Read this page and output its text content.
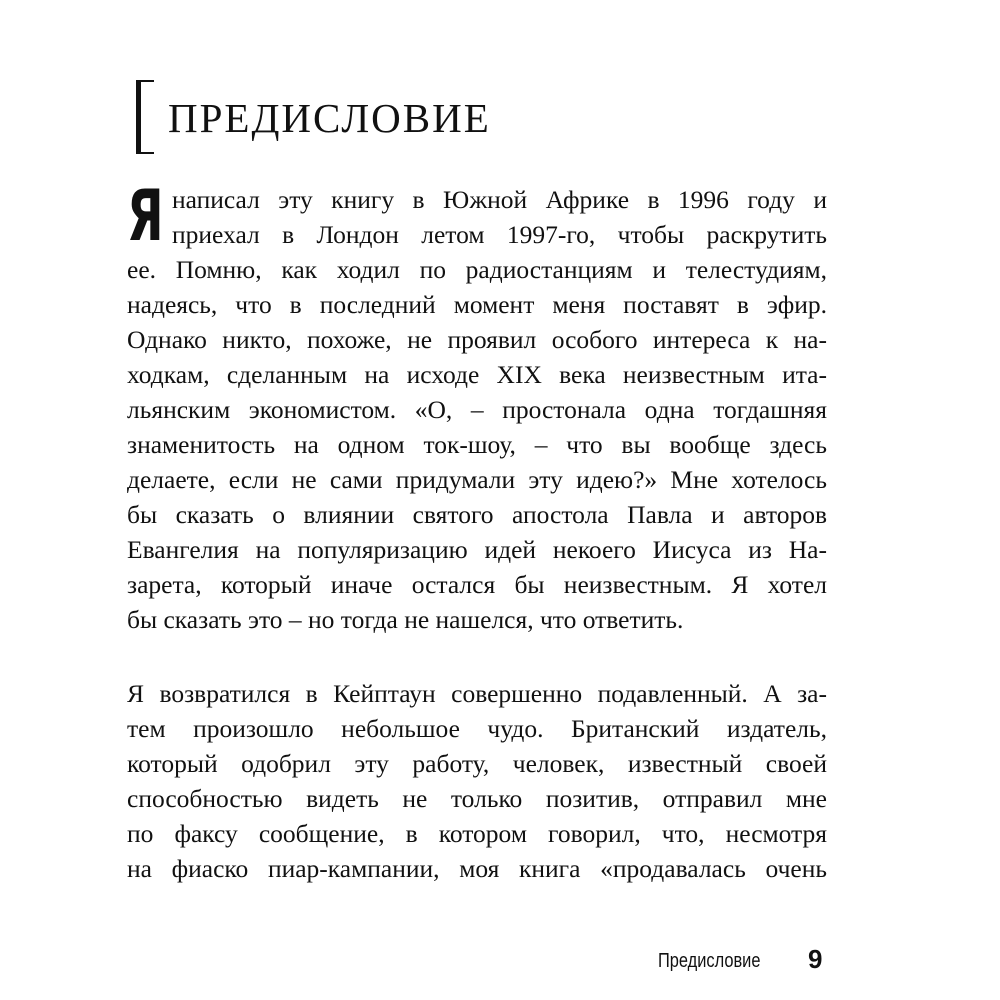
ПРЕДИСЛОВИЕ
Я написал эту книгу в Южной Африке в 1996 году и
приехал в Лондон летом 1997-го, чтобы раскрутить
ее. Помню, как ходил по радиостанциям и телестудиям,
надеясь, что в последний момент меня поставят в эфир.
Однако никто, похоже, не проявил особого интереса к на-
ходкам, сделанным на исходе XIX века неизвестным ита-
льянским экономистом. «О, – простонала одна тогдашняя
знаменитость на одном ток-шоу, – что вы вообще здесь
делаете, если не сами придумали эту идею?» Мне хотелось
бы сказать о влиянии святого апостола Павла и авторов
Евангелия на популяризацию идей некоего Иисуса из На-
зарета, который иначе остался бы неизвестным. Я хотел
бы сказать это – но тогда не нашелся, что ответить.
Я возвратился в Кейптаун совершенно подавленный. А за-
тем произошло небольшое чудо. Британский издатель,
который одобрил эту работу, человек, известный своей
способностью видеть не только позитив, отправил мне
по факсу сообщение, в котором говорил, что, несмотря
на фиаско пиар-кампании, моя книга «продавалась очень
Предисловие 9
